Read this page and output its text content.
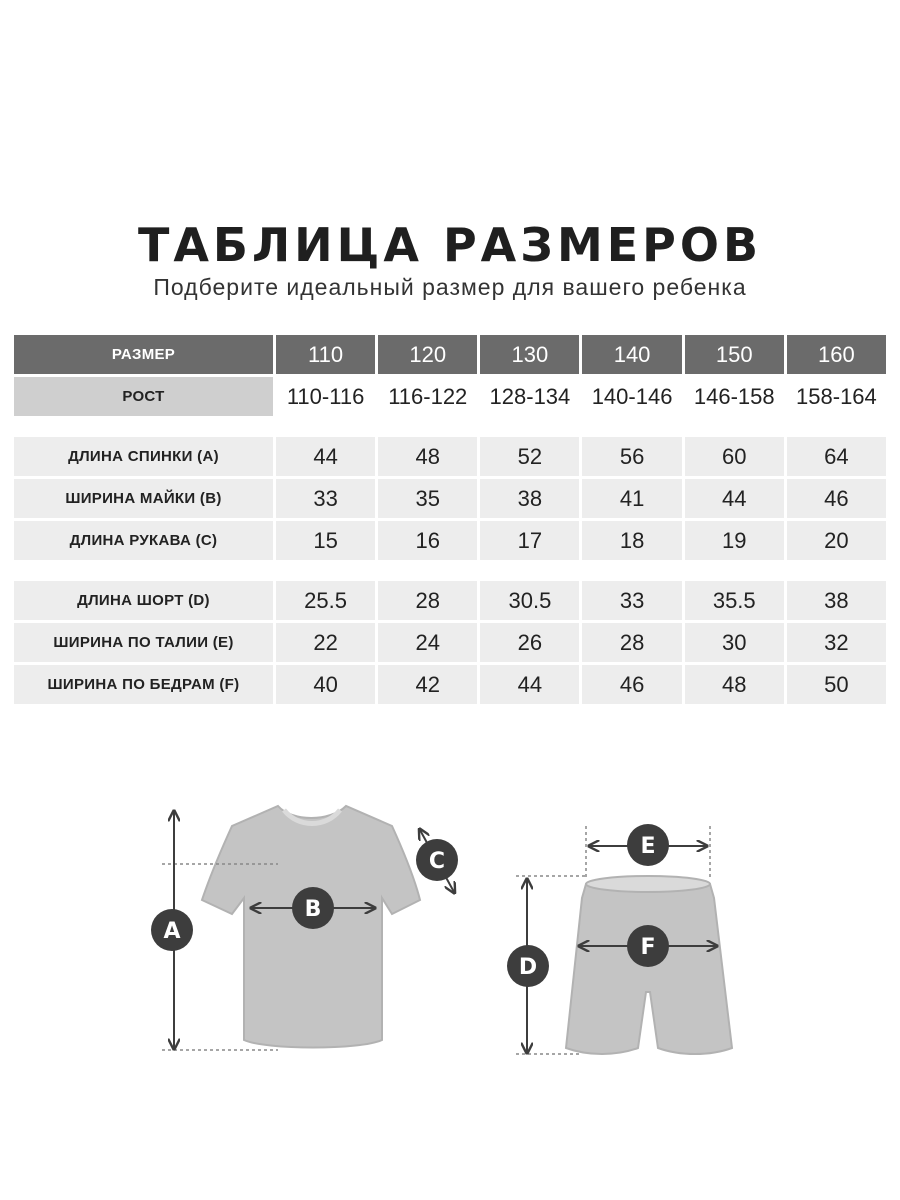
ТАБЛИЦА РАЗМЕРОВ
Подберите идеальный размер для вашего ребенка
РАЗМЕР	110	120	130	140	150	160
РОСТ	110-116	116-122	128-134 140-146 146-158 158-164
ДЛИНА СПИНКИ (A)	44	48	52	56	60	64
ШИРИНА МАЙКИ (B)	33	35	38	41	44	46
ДЛИНА РУКАВА (C)	15	16	17	18	19	20
ДЛИНА ШОРТ (D)	25.5	28	30.5	33	35.5	38
ШИРИНА ПО ТАЛИИ (E)	22	24	26	28	30	32
ШИРИНА ПО БЕДРАМ (F)	40	42	44	46	48	50
A
B
C
D
E
F
